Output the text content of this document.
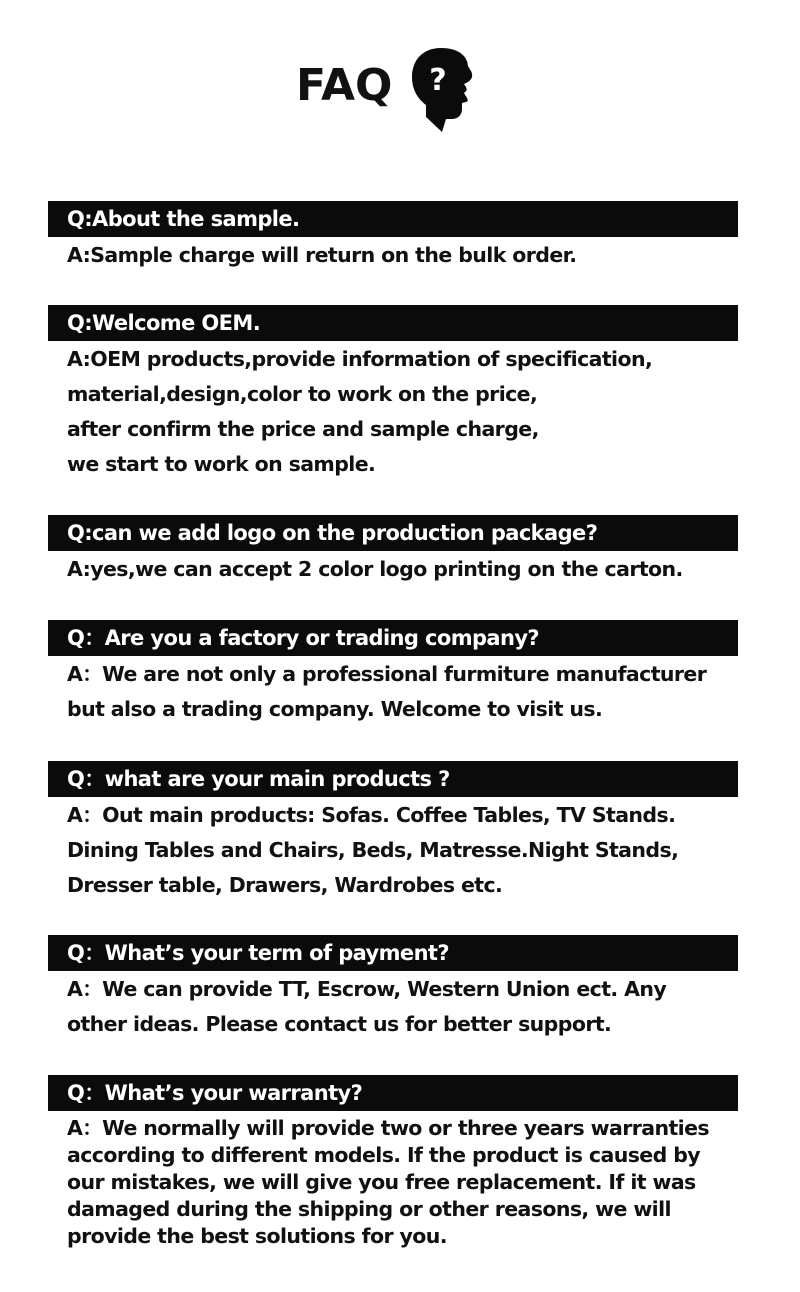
FAQ ?
Q:About the sample.
A:Sample charge will return on the bulk order.
Q:Welcome OEM.
A:OEM products,provide information of specification,
material,design,color to work on the price,
after confirm the price and sample charge,
we start to work on sample.
Q:can we add logo on the production package?
A:yes,we can accept 2 color logo printing on the carton.
Q：Are you a factory or trading company?
A：We are not only a professional furmiture manufacturer
but also a trading company. Welcome to visit us.
Q：what are your main products ?
A：Out main products: Sofas. Coffee Tables, TV Stands.
Dining Tables and Chairs, Beds, Matresse.Night Stands,
Dresser table, Drawers, Wardrobes etc.
Q：What’s your term of payment?
A：We can provide TT, Escrow, Western Union ect. Any
other ideas. Please contact us for better support.
Q：What’s your warranty?
A：We normally will provide two or three years warranties
according to different models. If the product is caused by
our mistakes, we will give you free replacement. If it was
damaged during the shipping or other reasons, we will
provide the best solutions for you.
